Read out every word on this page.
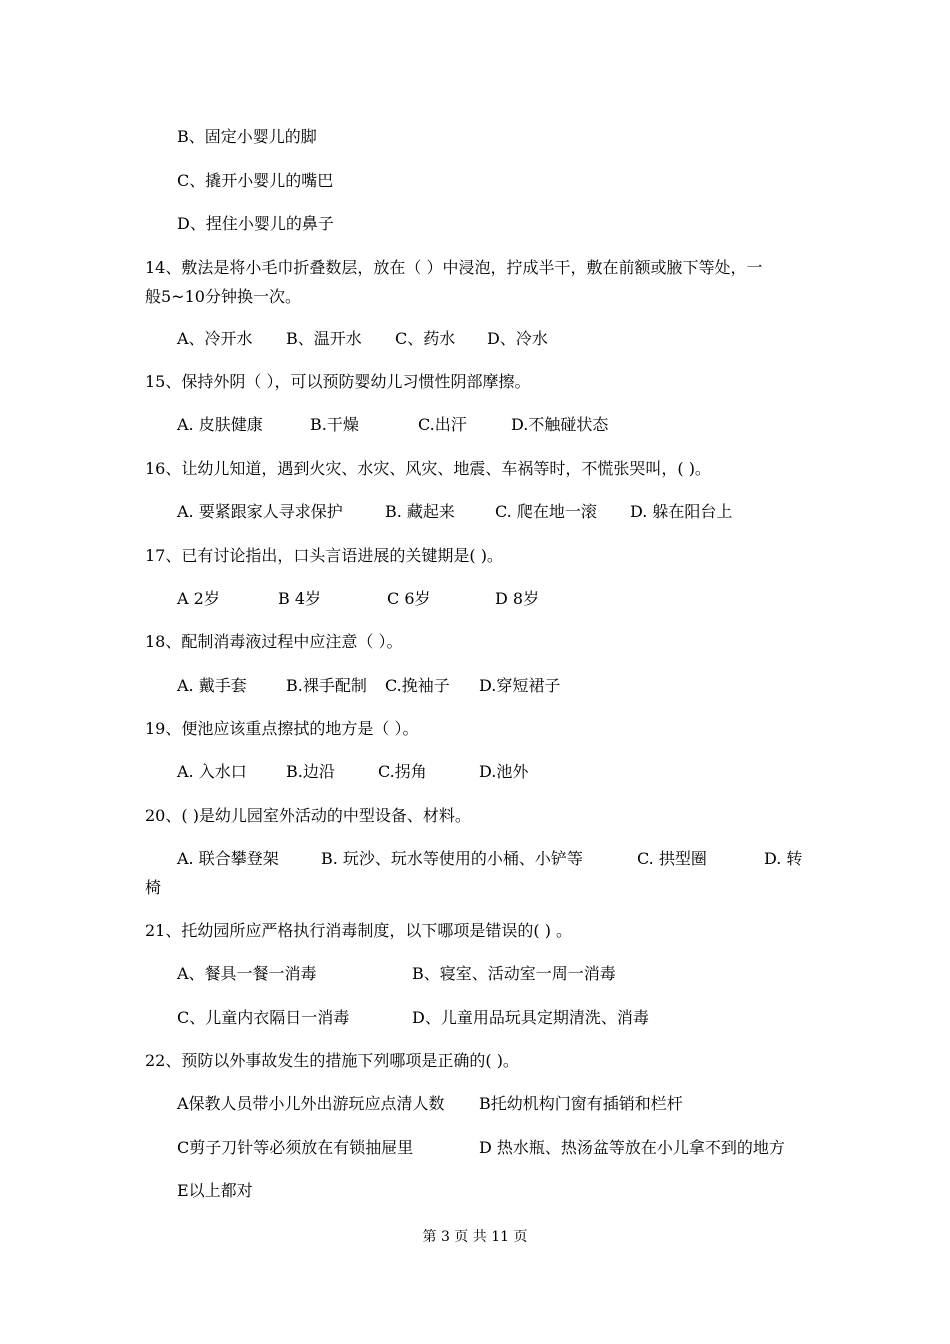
B、固定小婴儿的脚
C、撬开小婴儿的嘴巴
D、捏住小婴儿的鼻子
14、敷法是将小毛巾折叠数层，放在（ ）中浸泡，拧成半干，敷在前额或腋下等处，一
般5~10分钟换一次。
A、冷开水 B、温开水 C、药水 D、冷水
15、保持外阴（ ），可以预防婴幼儿习惯性阴部摩擦。
A. 皮肤健康	B.干燥	C.出汗	D.不触碰状态
16、让幼儿知道，遇到火灾、水灾、风灾、地震、车祸等时，不慌张哭叫，( )。
A. 要紧跟家人寻求保护	B. 藏起来	C. 爬在地一滚 D. 躲在阳台上
17、已有讨论指出，口头言语进展的关键期是( )。
A 2岁	B 4岁	C 6岁	D 8岁
18、配制消毒液过程中应注意（ ）。
A. 戴手套 B.裸手配制 C.挽袖子 D.穿短裙子
19、便池应该重点擦拭的地方是（ ）。
A. 入水口 B.边沿	C.拐角	D.池外
20、( )是幼儿园室外活动的中型设备、材料。
A. 联合攀登架	B. 玩沙、玩水等使用的小桶、小铲等	C. 拱型圈	D. 转
椅
21、托幼园所应严格执行消毒制度，以下哪项是错误的( ) 。
A、餐具一餐一消毒	B、寝室、活动室一周一消毒
C、儿童内衣隔日一消毒	D、儿童用品玩具定期清洗、消毒
22、预防以外事故发生的措施下列哪项是正确的( )。
A保教人员带小儿外出游玩应点清人数 B托幼机构门窗有插销和栏杆
C剪子刀针等必须放在有锁抽屉里	D 热水瓶、热汤盆等放在小儿拿不到的地方
E以上都对
第 3 页 共 11 页
